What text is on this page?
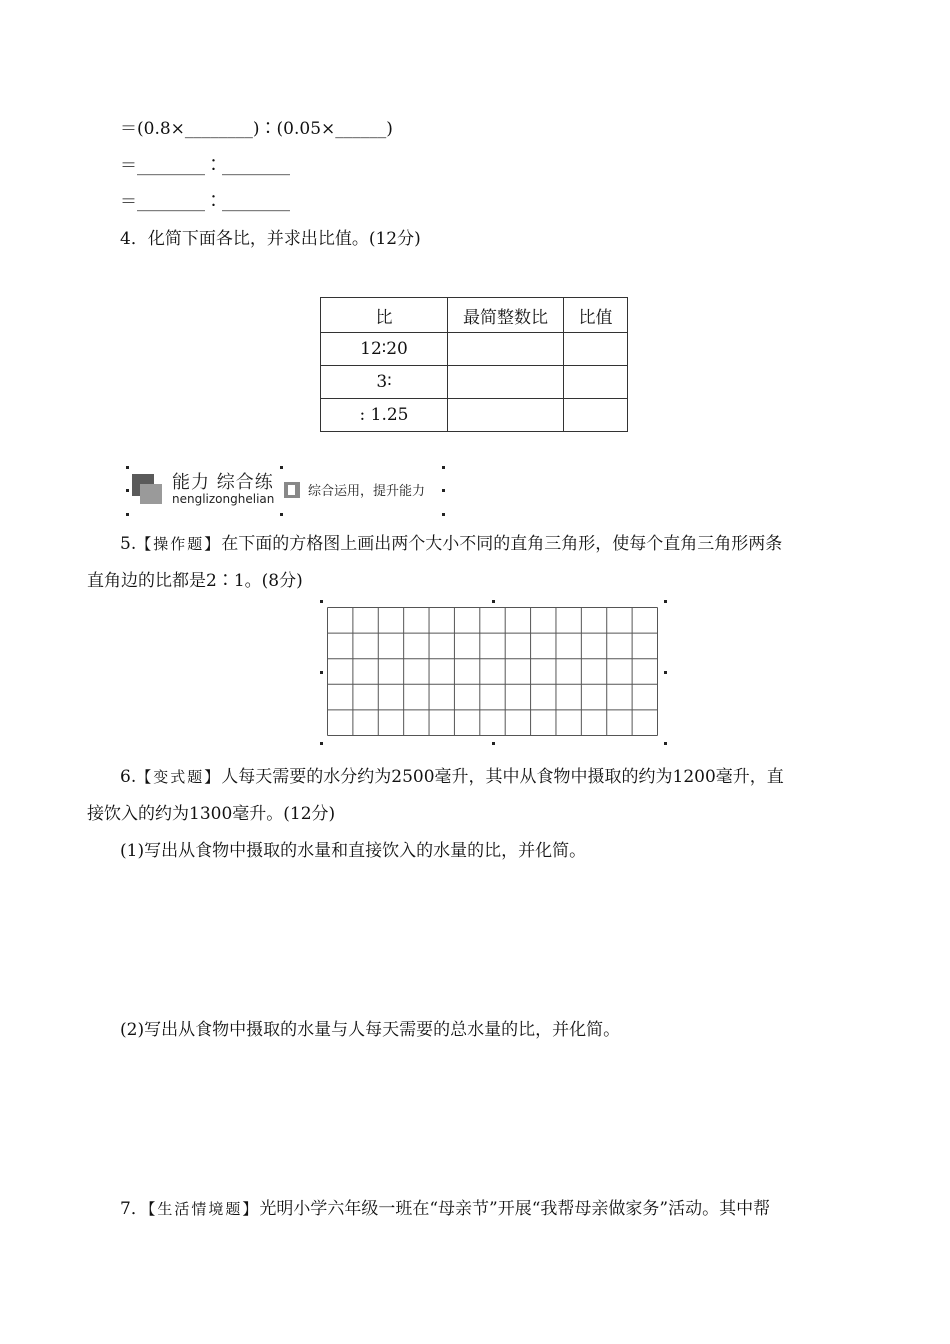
＝(0.8×________)∶(0.05×______)
＝________∶________
＝________∶________
4．化简下面各比，并求出比值。(12分)
比	最简整数比	比值
12∶20		
3∶		
: 1.25		
能力 综合练
nenglizonghelian	综合运用，提升能力
5.【操作题】在下面的方格图上画出两个大小不同的直角三角形，使每个直角三角形两条
直角边的比都是2∶1。(8分)
6.【变式题】人每天需要的水分约为2500毫升，其中从食物中摄取的约为1200毫升，直
接饮入的约为1300毫升。(12分)
(1)写出从食物中摄取的水量和直接饮入的水量的比，并化简。
(2)写出从食物中摄取的水量与人每天需要的总水量的比，并化简。
7．【生活情境题】光明小学六年级一班在“母亲节”开展“我帮母亲做家务”活动。其中帮
